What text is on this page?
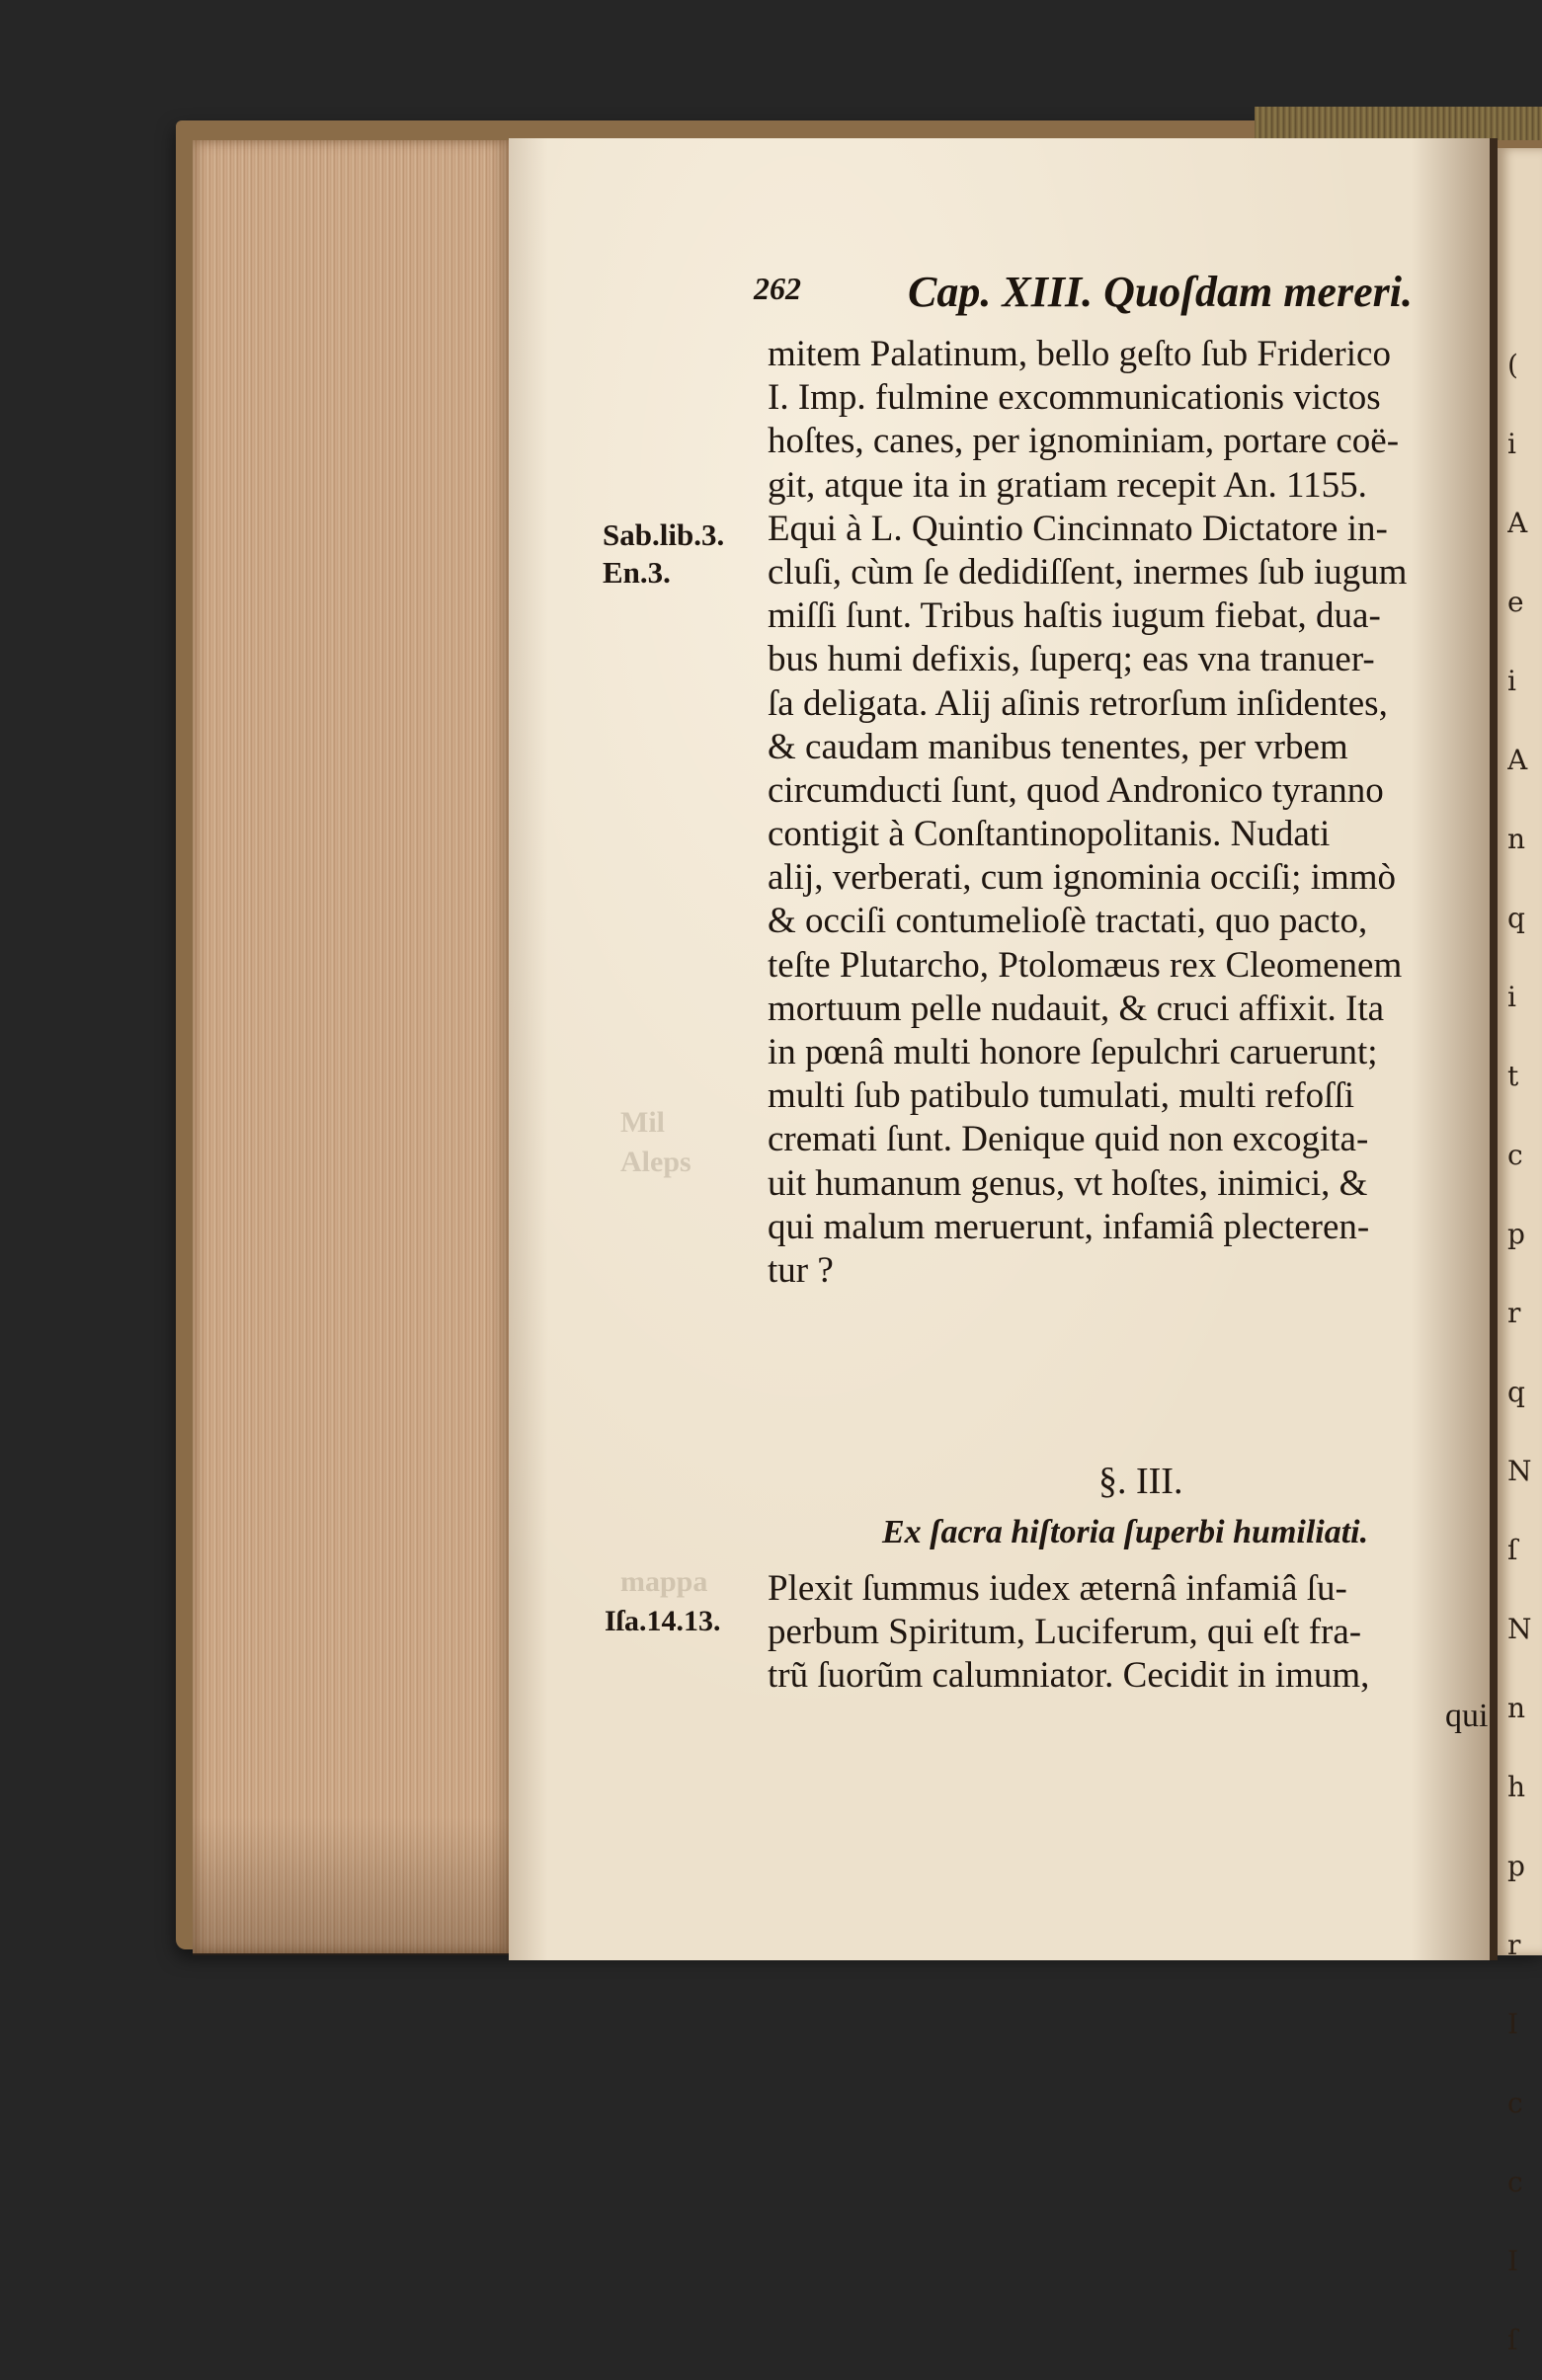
(
i
A
e
i
A
n
q
i
t
c
p
r
q
N
ſ
N
n
h
p
r
I
c
c
I
ſ
Mil
Aleps
mappa
262 Cap. XIII. Quoſdam mereri.
Sab.lib.3.
En.3.
Iſa.14.13.
mitem Palatinum, bello geſto ſub Friderico
I. Imp. fulmine excommunicationis victos
hoſtes, canes, per ignominiam, portare coë-
git, atque ita in gratiam recepit An. 1155.
Equi à L. Quintio Cincinnato Dictatore in-
cluſi, cùm ſe dedidiſſent, inermes ſub iugum
miſſi ſunt. Tribus haſtis iugum fiebat, dua-
bus humi defixis, ſuperq; eas vna tranuer-
ſa deligata. Alij aſinis retrorſum inſidentes,
& caudam manibus tenentes, per vrbem
circumducti ſunt, quod Andronico tyranno
contigit à Conſtantinopolitanis. Nudati
alij, verberati, cum ignominia occiſi; immò
& occiſi contumelioſè tractati, quo pacto,
teſte Plutarcho, Ptolomæus rex Cleomenem
mortuum pelle nudauit, & cruci affixit. Ita
in pœnâ multi honore ſepulchri caruerunt;
multi ſub patibulo tumulati, multi refoſſi
cremati ſunt. Denique quid non excogita-
uit humanum genus, vt hoſtes, inimici, &
qui malum meruerunt, infamiâ plecteren-
tur ?
§. III.
Ex ſacra hiſtoria ſuperbi humiliati.
Plexit ſummus iudex æternâ infamiâ ſu-
perbum Spiritum, Luciferum, qui eſt fra-
trũ ſuorũm calumniator. Cecidit in imum,
qui
